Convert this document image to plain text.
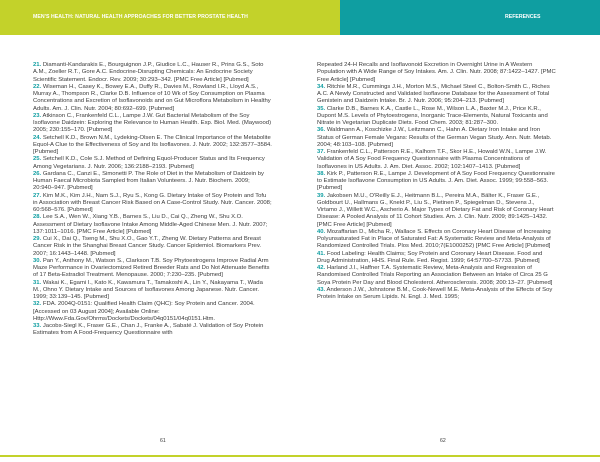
MEN'S HEALTH: NATURAL HEALTH APPROACHES FOR BETTER PROSTATE HEALTH	REFERENCES

21. Diamanti-Kandarakis E., Bourguignon J.P., Giudice L.C., Hauser R., Prins G.S., Soto A.M., Zoeller R.T., Gore A.C. Endocrine-Disrupting Chemicals: An Endocrine Society Scientific Statement. Endocr. Rev. 2009; 30:293–342. [PMC Free Article] [Pubmed]

22. Wiseman H., Casey K., Bowey E.A., Duffy R., Davies M., Rowland I.R., Lloyd A.S., Murray A., Thompson R., Clarke D.B. Influence of 10 Wk of Soy Consumption on Plasma Concentrations and Excretion of Isoflavonoids and on Gut Microflora Metabolism in Healthy Adults. Am. J. Clin. Nutr. 2004; 80:692–699. [Pubmed]

23. Atkinson C., Frankenfeld C.L., Lampe J.W. Gut Bacterial Metabolism of the Soy Isoflavone Daidzein: Exploring the Relevance to Human Health. Exp. Biol. Med. (Maywood) 2005; 230:155–170. [Pubmed]

24. Setchell K.D., Brown N.M., Lydeking-Olsen E. The Clinical Importance of the Metabolite Equol-A Clue to the Effectiveness of Soy and Its Isoflavones. J. Nutr. 2002; 132:3577–3584. [Pubmed]

25. Setchell K.D., Cole S.J. Method of Defining Equol-Producer Status and Its Frequency Among Vegetarians. J. Nutr. 2006; 136:2188–2193. [Pubmed]

26. Gardana C., Canzi E., Simonetti P. The Role of Diet in the Metabolism of Daidzein by Human Faecal Microbiota Sampled from Italian Volunteers. J. Nutr. Biochem. 2009; 20:940–947. [Pubmed]

27. Kim M.K., Kim J.H., Nam S.J., Ryu S., Kong G. Dietary Intake of Soy Protein and Tofu in Association with Breast Cancer Risk Based on A Case-Control Study. Nutr. Cancer. 2008; 60:568–576. [Pubmed]

28. Lee S.A., Wen W., Xiang Y.B., Barnes S., Liu D., Cai Q., Zheng W., Shu X.O. Assessment of Dietary Isoflavone Intake Among Middle-Aged Chinese Men. J. Nutr. 2007; 137:1011–1016. [PMC Free Article] [Pubmed]

29. Cui X., Dai Q., Tseng M., Shu X.O., Gao Y.T., Zheng W. Dietary Patterns and Breast Cancer Risk in the Shanghai Breast Cancer Study. Cancer Epidemiol. Biomarkers Prev. 2007; 16:1443–1448. [Pubmed]

30. Pan Y., Anthony M., Watson S., Clarkson T.B. Soy Phytoestrogens Improve Radial Arm Maze Performance in Ovariectomized Retired Breeder Rats and Do Not Attenuate Benefits of 17 Beta-Estradiol Treatment. Menopause. 2000; 7:230–235. [Pubmed]

31. Wakai K., Egami I., Kato K., Kawamura T., Tamakoshi A., Lin Y., Nakayama T., Wada M., Ohno Y. Dietary Intake and Sources of Isoflavones Among Japanese. Nutr. Cancer. 1999; 33:139–145. [Pubmed]

32. FDA. 2004Q-0151: Qualified Health Claim (QHC): Soy Protein and Cancer. 2004. [Accessed on 03 August 2004]; Available Online: Http://Www.Fda.Gov/Ohrms/Dockets/Dockets/04q0151/04q0151.Htm.

33. Jacobs-Siegl K., Fraser G.E., Chan J., Franke A., Sabaté J. Validation of Soy Protein Estimates from A Food-Frequency Questionnaire with

Repeated 24-H Recalls and Isoflavonoid Excretion in Overnight Urine in A Western Population with A Wide Range of Soy Intakes. Am. J. Clin. Nutr. 2008; 87:1422–1427. [PMC Free Article] [Pubmed]

34. Ritchie M.R., Cummings J.H., Morton M.S., Michael Steel C., Bolton-Smith C., Riches A.C. A Newly Constructed and Validated Isoflavone Database for the Assessment of Total Genistein and Daidzein Intake. Br. J. Nutr. 2006; 95:204–213. [Pubmed]

35. Clarke D.B., Barnes K.A., Castle L., Rose M., Wilson L.A., Baxter M.J., Price K.R., Dupont M.S. Levels of Phytoestrogens, Inorganic Trace-Elements, Natural Toxicants and Nitrate in Vegetarian Duplicate Diets. Food Chem. 2003; 81:287–300.

36. Waldmann A., Koschizke J.W., Leitzmann C., Hahn A. Dietary Iron Intake and Iron Status of German Female Vegans: Results of the German Vegan Study. Ann. Nutr. Metab. 2004; 48:103–108. [Pubmed]

37. Frankenfeld C.L., Patterson R.E., Kalhorn T.F., Skor H.E., Howald W.N., Lampe J.W. Validation of A Soy Food Frequency Questionnaire with Plasma Concentrations of Isoflavones in US Adults. J. Am. Diet. Assoc. 2002; 102:1407–1413. [Pubmed]

38. Kirk P., Patterson R.E., Lampe J. Development of A Soy Food Frequency Questionnaire to Estimate Isoflavone Consumption in US Adults. J. Am. Diet. Assoc. 1999; 99:558–563. [Pubmed]

39. Jakobsen M.U., O'Reilly E.J., Heitmann B.L., Pereira M.A., Bälter K., Fraser G.E., Goldbourt U., Hallmans G., Knekt P., Liu S., Pietinen P., Spiegelman D., Stevens J., Virtamo J., Willett W.C., Ascherio A. Major Types of Dietary Fat and Risk of Coronary Heart Disease: A Pooled Analysis of 11 Cohort Studies. Am. J. Clin. Nutr. 2009; 89:1425–1432. [PMC Free Article] [Pubmed]

40. Mozaffarian D., Micha R., Wallace S. Effects on Coronary Heart Disease of Increasing Polyunsaturated Fat in Place of Saturated Fat: A Systematic Review and Meta-Analysis of Randomized Controlled Trials. Plos Med. 2010;7(E1000252) [PMC Free Article] [Pubmed]

41. Food Labeling: Health Claims; Soy Protein and Coronary Heart Disease. Food and Drug Administration, HHS. Final Rule. Fed. Regist. 1999; 64:57700–57733. [Pubmed]

42. Harland J.I., Haffner T.A. Systematic Review, Meta-Analysis and Regression of Randomised Controlled Trials Reporting an Association Between an Intake of Circa 25 G Soya Protein Per Day and Blood Cholesterol. Atherosclerosis. 2008; 200:13–27. [Pubmed]

43. Anderson J.W., Johnstone B.M., Cook-Newell M.E. Meta-Analysis of the Effects of Soy Protein Intake on Serum Lipids. N. Engl. J. Med. 1995;

61	62
